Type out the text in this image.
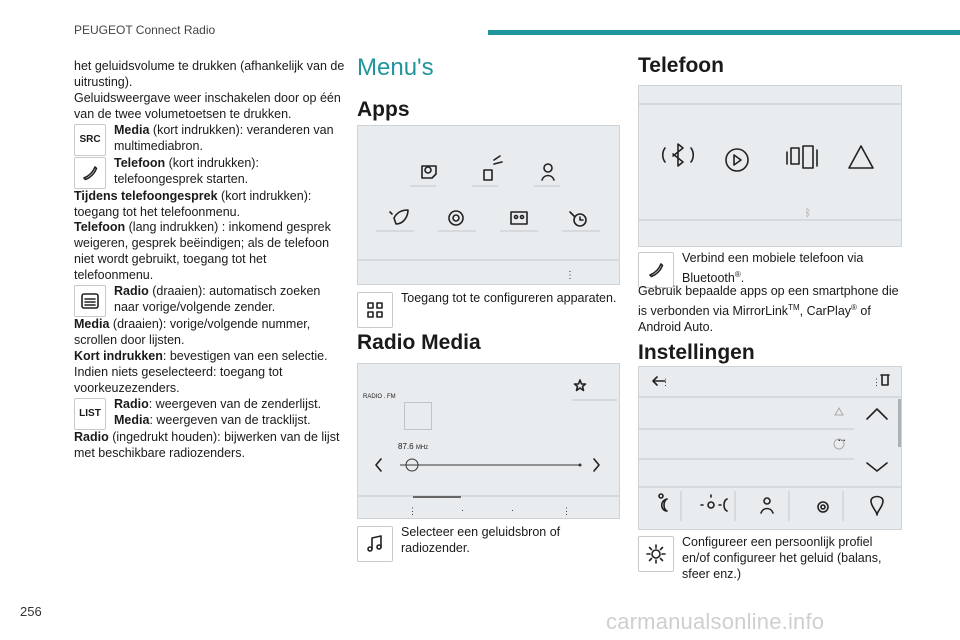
PEUGEOT Connect Radio

het geluidsvolume te drukken (afhankelijk van de uitrusting).

Geluidsweergave weer inschakelen door op één van de twee volumetoetsen te drukken.

SRC

Media (kort indrukken): veranderen van multimediabron.

Telefoon (kort indrukken): telefoongesprek starten.

Tijdens telefoongesprek (kort indrukken): toegang tot het telefoonmenu.

Telefoon (lang indrukken) : inkomend gesprek weigeren, gesprek beëindigen; als de telefoon niet wordt gebruikt, toegang tot het telefoonmenu.

Radio (draaien): automatisch zoeken naar vorige/volgende zender.

Media (draaien): vorige/volgende nummer, scrollen door lijsten.

Kort indrukken: bevestigen van een selectie. Indien niets geselecteerd: toegang tot voorkeuzezenders.

LIST

Radio: weergeven van de zenderlijst.
Media: weergeven van de tracklijst.

Radio (ingedrukt houden): bijwerken van de lijst met beschikbare radiozenders.

Menu's
Apps
⋮
Toegang tot te configureren apparaten.
Radio Media
RADIO . FM
87.6 MHz
⋮	·	·	⋮
Selecteer een geluidsbron of radiozender.
Telefoon
ᛒ
Verbind een mobiele telefoon via Bluetooth®.
Gebruik bepaalde apps op een smartphone die is verbonden via MirrorLink™, CarPlay® of Android Auto.
Instellingen
...
⋮	⋮
Configureer een persoonlijk profiel en/of configureer het geluid (balans, sfeer enz.)
256	carmanualsonline.info
